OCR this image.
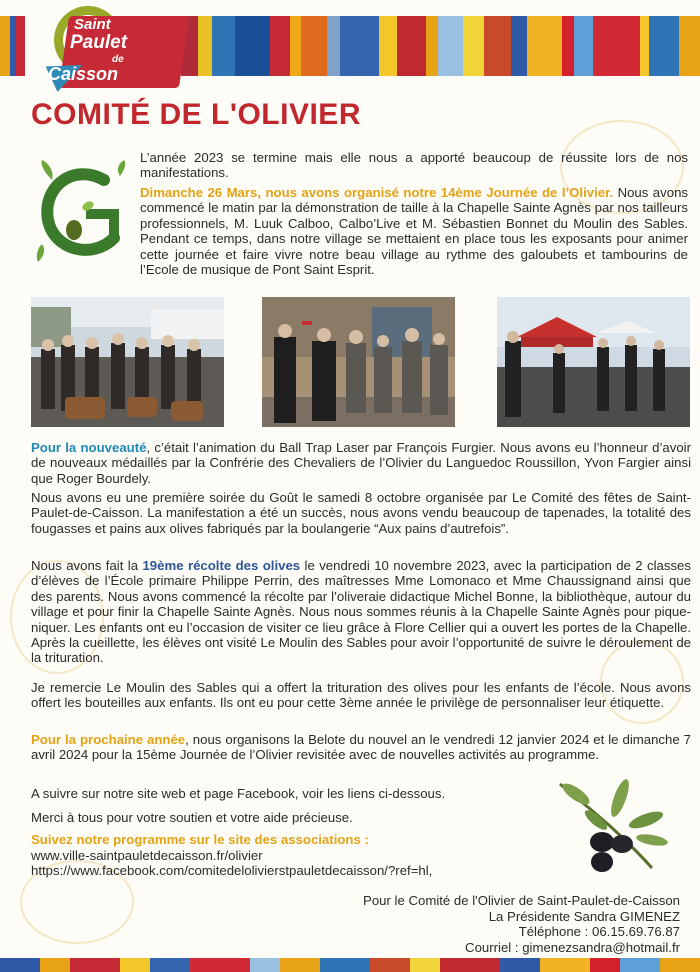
Saint
Paulet
de
Caisson
COMITÉ DE L'OLIVIER

L’année 2023 se termine mais elle nous a apporté beaucoup de réussite lors de nos manifestations.

Dimanche 26 Mars, nous avons organisé notre 14ème Journée de l’Olivier. Nous avons commencé le matin par la démonstration de taille à la Chapelle Sainte Agnès par nos tailleurs professionnels, M. Luuk Calboo, Calbo’Live et M. Sébastien Bonnet du Moulin des Sables. Pendant ce temps, dans notre village se mettaient en place tous les exposants pour animer cette journée et faire vivre notre beau village au rythme des galoubets et tambourins de l’Ecole de musique de Pont Saint Esprit.

Pour la nouveauté, c’était l’animation du Ball Trap Laser par François Furgier. Nous avons eu l’honneur d’avoir de nouveaux médaillés par la Confrérie des Chevaliers de l’Olivier du Languedoc Roussillon, Yvon Fargier ainsi que Roger Bourdely.

Nous avons eu une première soirée du Goût le samedi 8 octobre organisée par Le Comité des fêtes de Saint-Paulet-de-Caisson. La manifestation a été un succès, nous avons vendu beaucoup de tapenades, la totalité des fougasses et pains aux olives fabriqués par la boulangerie “Aux pains d’autrefois”.

Nous avons fait la 19ème récolte des olives le vendredi 10 novembre 2023, avec la participation de 2 classes d’élèves de l’École primaire Philippe Perrin, des maîtresses Mme Lomonaco et Mme Chaussignand ainsi que des parents. Nous avons commencé la récolte par l’oliveraie didactique Michel Bonne, la bibliothèque, autour du village et pour finir la Chapelle Sainte Agnès. Nous nous sommes réunis à la Chapelle Sainte Agnès pour pique-niquer. Les enfants ont eu l’occasion de visiter ce lieu grâce à Flore Cellier qui a ouvert les portes de la Chapelle. Après la cueillette, les élèves ont visité Le Moulin des Sables pour avoir l’opportunité de suivre le déroulement de la trituration.

Je remercie Le Moulin des Sables qui a offert la trituration des olives pour les enfants de l’école. Nous avons offert les bouteilles aux enfants. Ils ont eu pour cette 3ème année le privilège de personnaliser leur étiquette.

Pour la prochaine année, nous organisons la Belote du nouvel an le vendredi 12 janvier 2024 et le dimanche 7 avril 2024 pour la 15ème Journée de l’Olivier revisitée avec de nouvelles activités au programme.

A suivre sur notre site web et page Facebook, voir les liens ci-dessous.

Merci à tous pour votre soutien et votre aide précieuse.

Suivez notre programme sur le site des associations :

www.ville-saintpauletdecaisson.fr/olivier

https://www.facebook.com/comitedelolivierstpauletdecaisson/?ref=hl,

Pour le Comité de l'Olivier de Saint-Paulet-de-Caisson
La Présidente Sandra GIMENEZ
Téléphone : 06.15.69.76.87
Courriel : gimenezsandra@hotmail.fr
